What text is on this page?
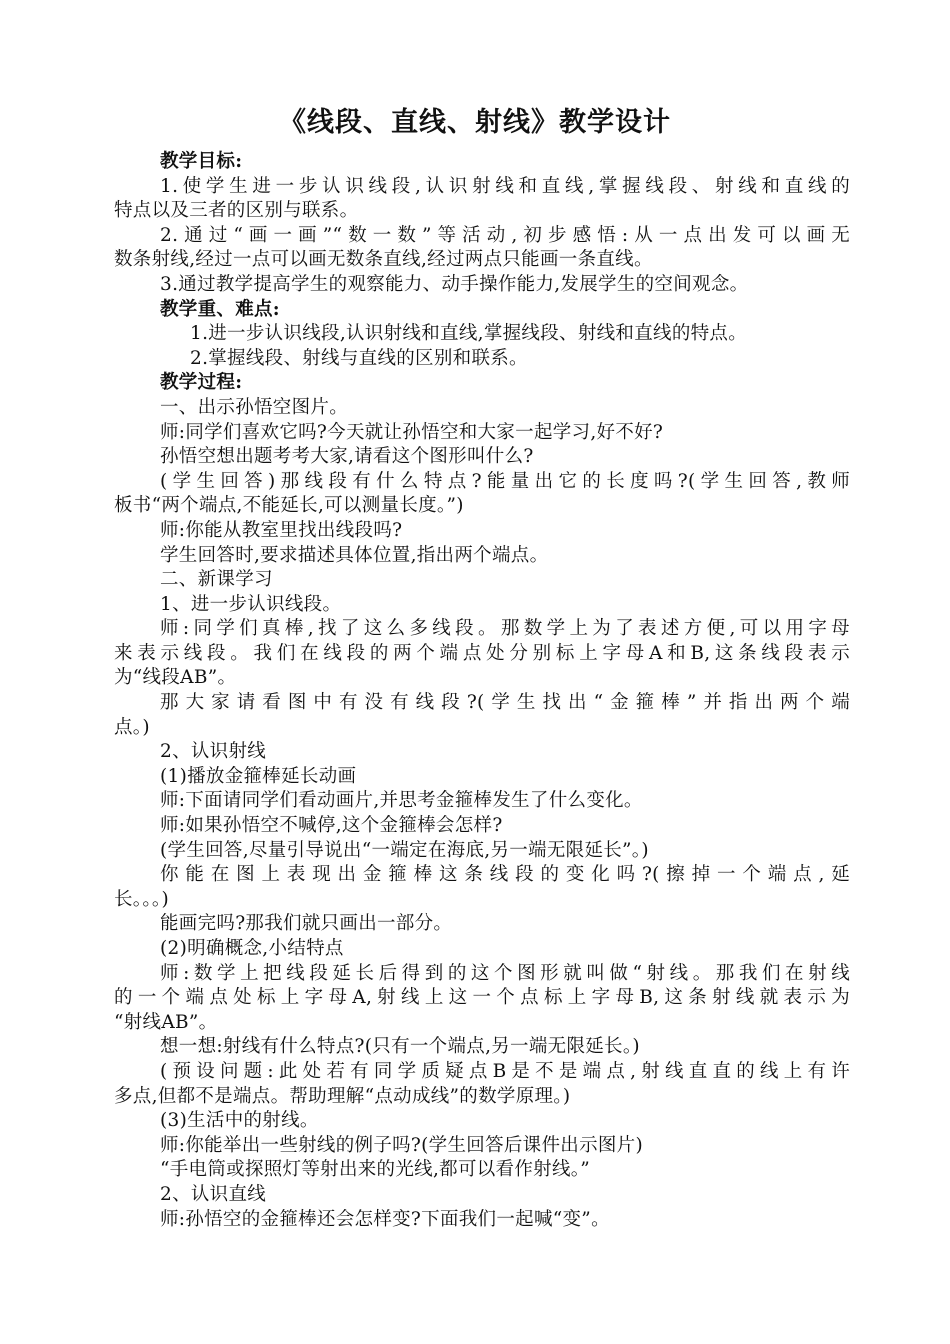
《线段、直线、射线》教学设计
教学目标:
1.使学生进一步认识线段,认识射线和直线,掌握线段、射线和直线的
特点以及三者的区别与联系。
2.通过“画一画”“数一数”等活动,初步感悟:从一点出发可以画无
数条射线,经过一点可以画无数条直线,经过两点只能画一条直线。
3.通过教学提高学生的观察能力、动手操作能力,发展学生的空间观念。
教学重、难点:
1.进一步认识线段,认识射线和直线,掌握线段、射线和直线的特点。
2.掌握线段、射线与直线的区别和联系。
教学过程:
一、出示孙悟空图片。
师:同学们喜欢它吗?今天就让孙悟空和大家一起学习,好不好?
孙悟空想出题考考大家,请看这个图形叫什么?
(学生回答)那线段有什么特点?能量出它的长度吗?(学生回答,教师
板书“两个端点,不能延长,可以测量长度。”)
师:你能从教室里找出线段吗?
学生回答时,要求描述具体位置,指出两个端点。
二、新课学习
1、进一步认识线段。
师:同学们真棒,找了这么多线段。那数学上为了表述方便,可以用字母
来表示线段。我们在线段的两个端点处分别标上字母A和B,这条线段表示
为“线段AB”。
那大家请看图中有没有线段?(学生找出“金箍棒”并指出两个端
点。)
2、认识射线
(1)播放金箍棒延长动画
师:下面请同学们看动画片,并思考金箍棒发生了什么变化。
师:如果孙悟空不喊停,这个金箍棒会怎样?
(学生回答,尽量引导说出“一端定在海底,另一端无限延长”。)
你能在图上表现出金箍棒这条线段的变化吗?(擦掉一个端点,延
长。。。)
能画完吗?那我们就只画出一部分。
(2)明确概念,小结特点
师:数学上把线段延长后得到的这个图形就叫做“射线。那我们在射线
的一个端点处标上字母A,射线上这一个点标上字母B,这条射线就表示为
“射线AB”。
想一想:射线有什么特点?(只有一个端点,另一端无限延长。)
(预设问题:此处若有同学质疑点B是不是端点,射线直直的线上有许
多点,但都不是端点。帮助理解“点动成线”的数学原理。)
(3)生活中的射线。
师:你能举出一些射线的例子吗?(学生回答后课件出示图片)
“手电筒或探照灯等射出来的光线,都可以看作射线。”
2、认识直线
师:孙悟空的金箍棒还会怎样变?下面我们一起喊“变”。
